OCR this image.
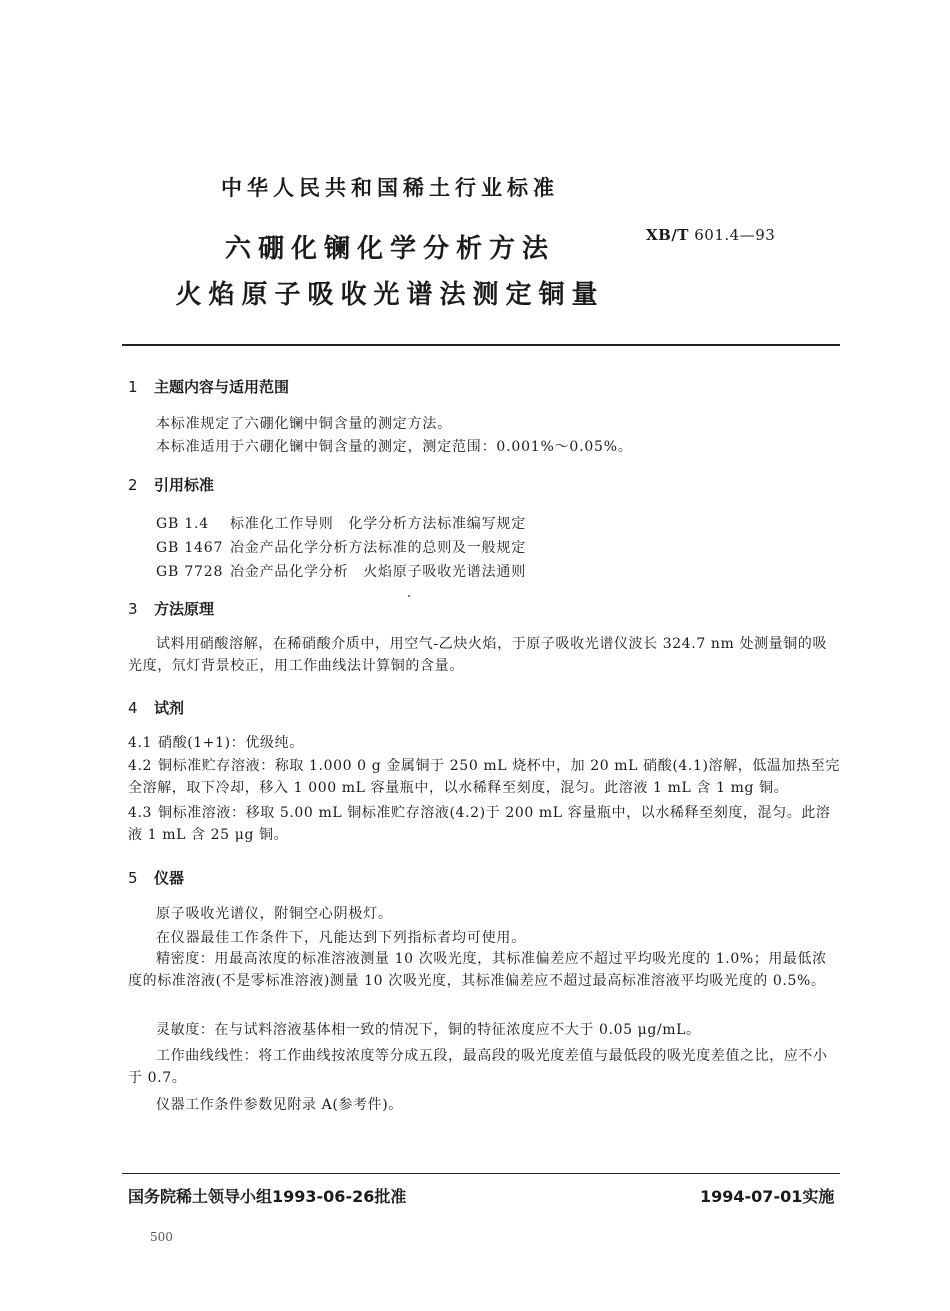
中华人民共和国稀土行业标准
XB/T 601.4—93
六硼化镧化学分析方法
火焰原子吸收光谱法测定铜量
1 主题内容与适用范围
本标准规定了六硼化镧中铜含量的测定方法。
本标准适用于六硼化镧中铜含量的测定，测定范围：0.001%～0.05%。
2 引用标准
GB 1.4 标准化工作导则　化学分析方法标准编写规定
GB 1467 冶金产品化学分析方法标准的总则及一般规定
GB 7728 冶金产品化学分析　火焰原子吸收光谱法通则
3 方法原理
试料用硝酸溶解，在稀硝酸介质中，用空气-乙炔火焰，于原子吸收光谱仪波长 324.7 nm 处测量铜的吸光度，氘灯背景校正，用工作曲线法计算铜的含量。
4 试剂
4.1 硝酸(1+1)：优级纯。
4.2 铜标准贮存溶液：称取 1.000 0 g 金属铜于 250 mL 烧杯中，加 20 mL 硝酸(4.1)溶解，低温加热至完全溶解，取下冷却，移入 1 000 mL 容量瓶中，以水稀释至刻度，混匀。此溶液 1 mL 含 1 mg 铜。
4.3 铜标准溶液：移取 5.00 mL 铜标准贮存溶液(4.2)于 200 mL 容量瓶中，以水稀释至刻度，混匀。此溶液 1 mL 含 25 μg 铜。
5 仪器
原子吸收光谱仪，附铜空心阴极灯。
在仪器最佳工作条件下，凡能达到下列指标者均可使用。
精密度：用最高浓度的标准溶液测量 10 次吸光度，其标准偏差应不超过平均吸光度的 1.0%；用最低浓度的标准溶液(不是零标准溶液)测量 10 次吸光度，其标准偏差应不超过最高标准溶液平均吸光度的 0.5%。
灵敏度：在与试料溶液基体相一致的情况下，铜的特征浓度应不大于 0.05 μg/mL。
工作曲线线性：将工作曲线按浓度等分成五段，最高段的吸光度差值与最低段的吸光度差值之比，应不小于 0.7。
仪器工作条件参数见附录 A(参考件)。
国务院稀土领导小组1993-06-26批准	1994-07-01实施
500
